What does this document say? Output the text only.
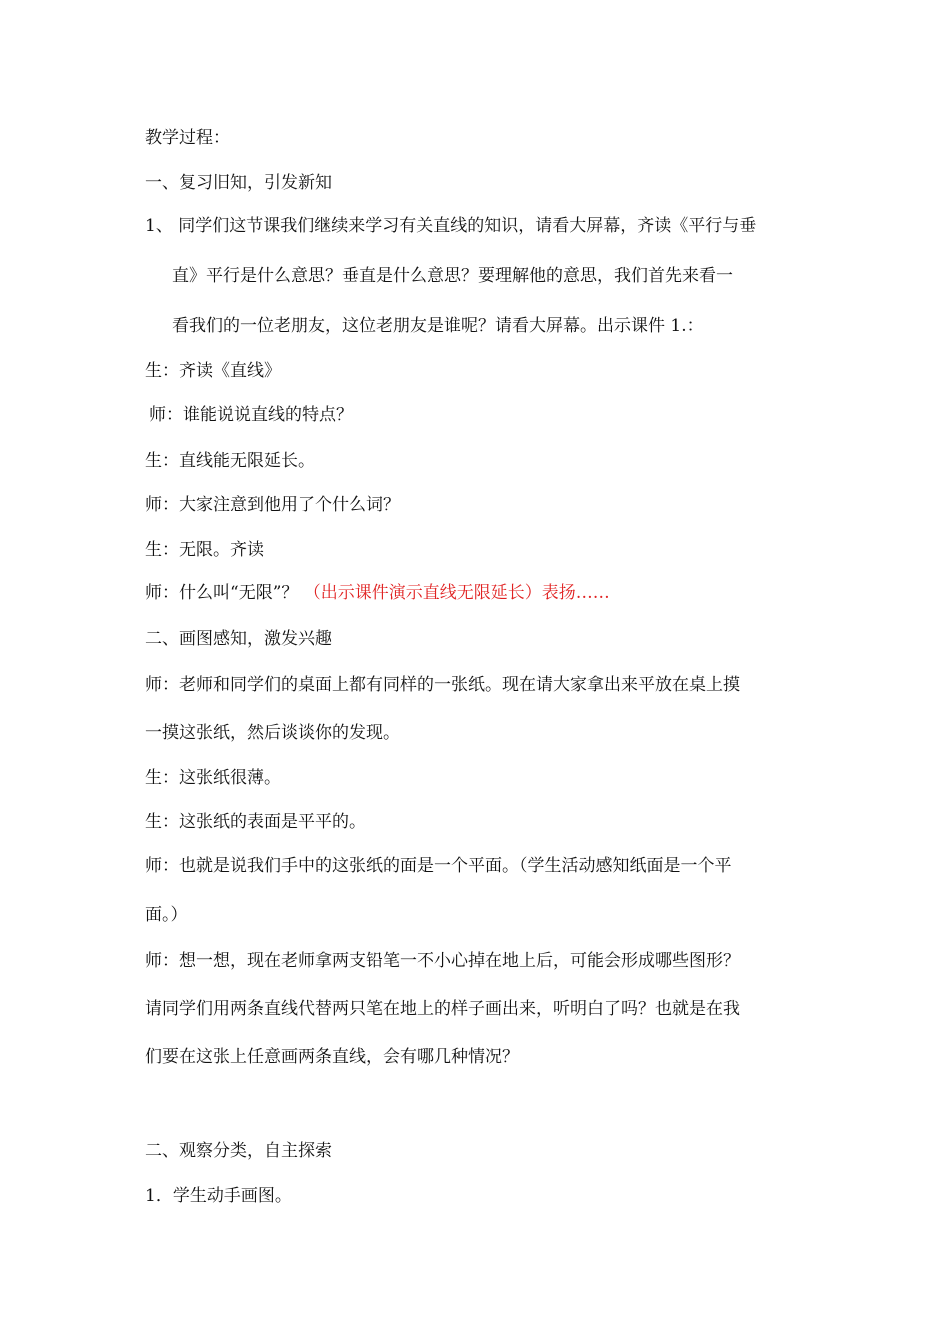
教学过程：
一、复习旧知，引发新知
1、 同学们这节课我们继续来学习有关直线的知识，请看大屏幕，齐读《平行与垂
直》平行是什么意思？垂直是什么意思？要理解他的意思，我们首先来看一
看我们的一位老朋友，这位老朋友是谁呢？请看大屏幕。出示课件 1.：
生：齐读《直线》
师：谁能说说直线的特点？
生：直线能无限延长。
师：大家注意到他用了个什么词？
生：无限。齐读
师：什么叫“无限”？ （出示课件演示直线无限延长）表扬……
二、画图感知，激发兴趣
师：老师和同学们的桌面上都有同样的一张纸。现在请大家拿出来平放在桌上摸
一摸这张纸，然后谈谈你的发现。
生：这张纸很薄。
生：这张纸的表面是平平的。
师：也就是说我们手中的这张纸的面是一个平面。（学生活动感知纸面是一个平
面。）
师：想一想，现在老师拿两支铅笔一不小心掉在地上后，可能会形成哪些图形？
请同学们用两条直线代替两只笔在地上的样子画出来，听明白了吗？也就是在我
们要在这张上任意画两条直线，会有哪几种情况？
二、观察分类，自主探索
1．学生动手画图。
